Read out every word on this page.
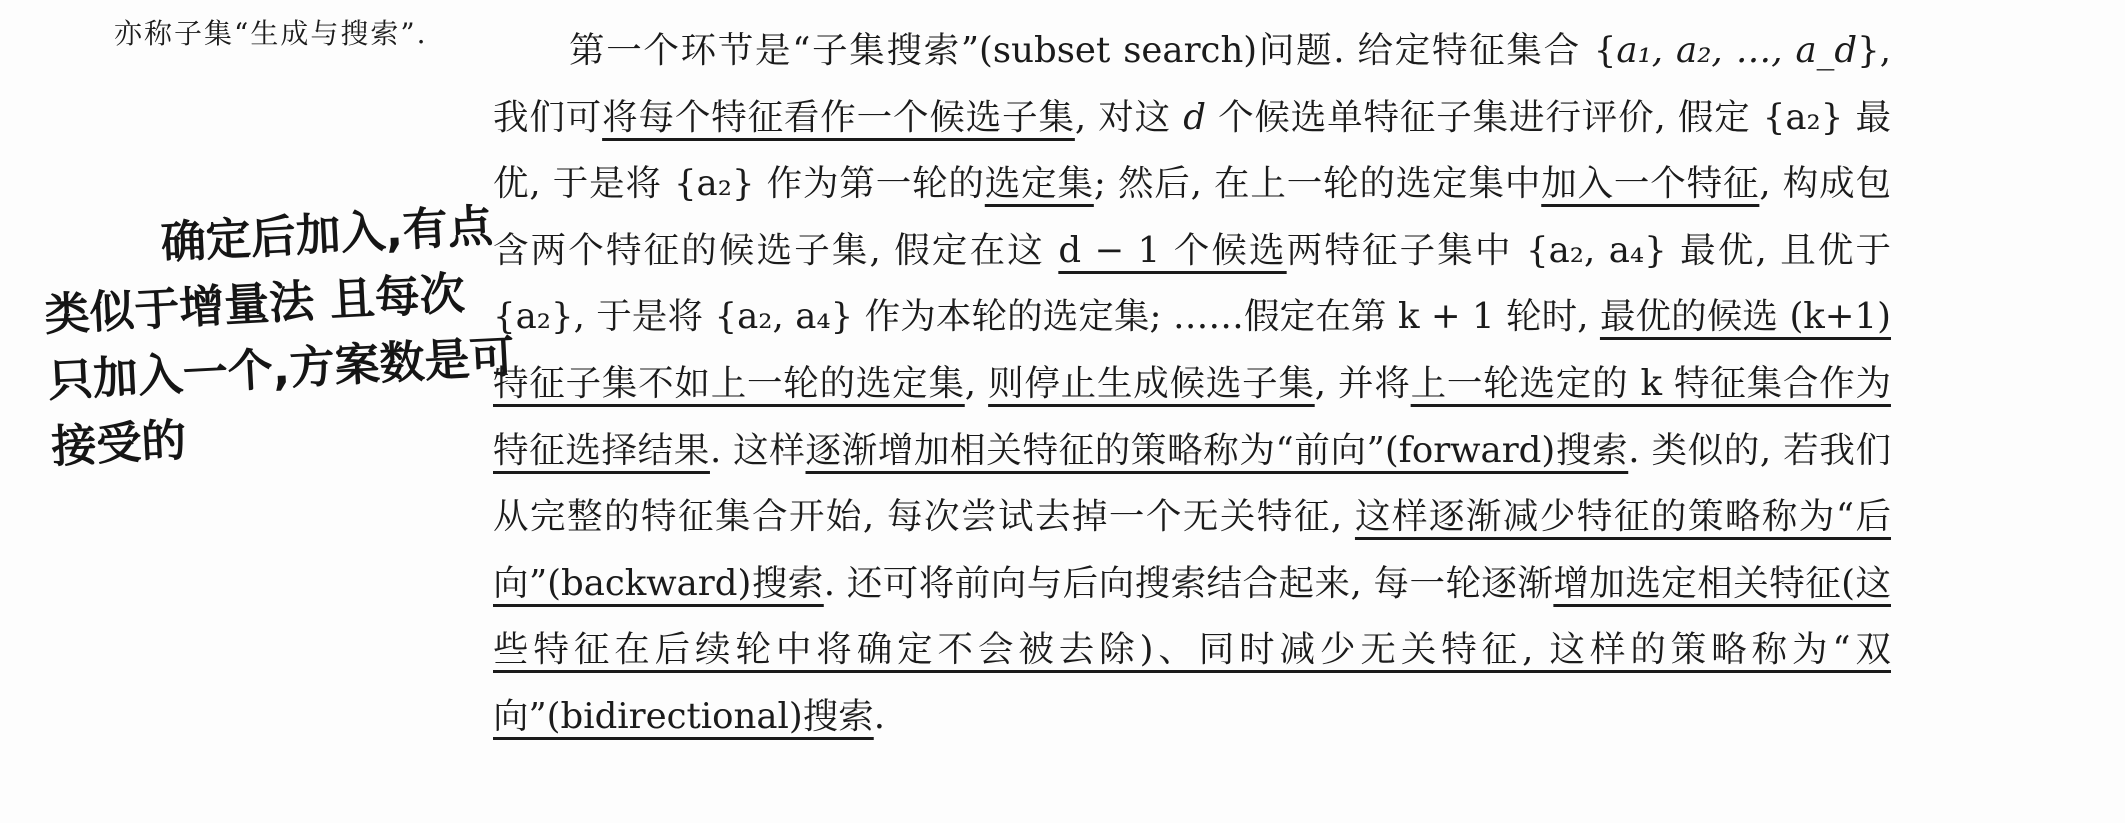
亦称子集“生成与搜索”.
确定后加入,有点
类似于增量法 且每次
只加入一个,方案数是可
接受的
第一个环节是“子集搜索”(subset search)问题. 给定特征集合 {a₁, a₂, …, a_d}, 我们可将每个特征看作一个候选子集, 对这 d 个候选单特征子集进行评价, 假定 {a₂} 最优, 于是将 {a₂} 作为第一轮的选定集; 然后, 在上一轮的选定集中加入一个特征, 构成包含两个特征的候选子集, 假定在这 d − 1 个候选两特征子集中 {a₂, a₄} 最优, 且优于 {a₂}, 于是将 {a₂, a₄} 作为本轮的选定集; ……假定在第 k + 1 轮时, 最优的候选 (k+1) 特征子集不如上一轮的选定集, 则停止生成候选子集, 并将上一轮选定的 k 特征集合作为特征选择结果. 这样逐渐增加相关特征的策略称为“前向”(forward)搜索. 类似的, 若我们从完整的特征集合开始, 每次尝试去掉一个无关特征, 这样逐渐减少特征的策略称为“后向”(backward)搜索. 还可将前向与后向搜索结合起来, 每一轮逐渐增加选定相关特征(这些特征在后续轮中将确定不会被去除)、同时减少无关特征, 这样的策略称为“双向”(bidirectional)搜索.
